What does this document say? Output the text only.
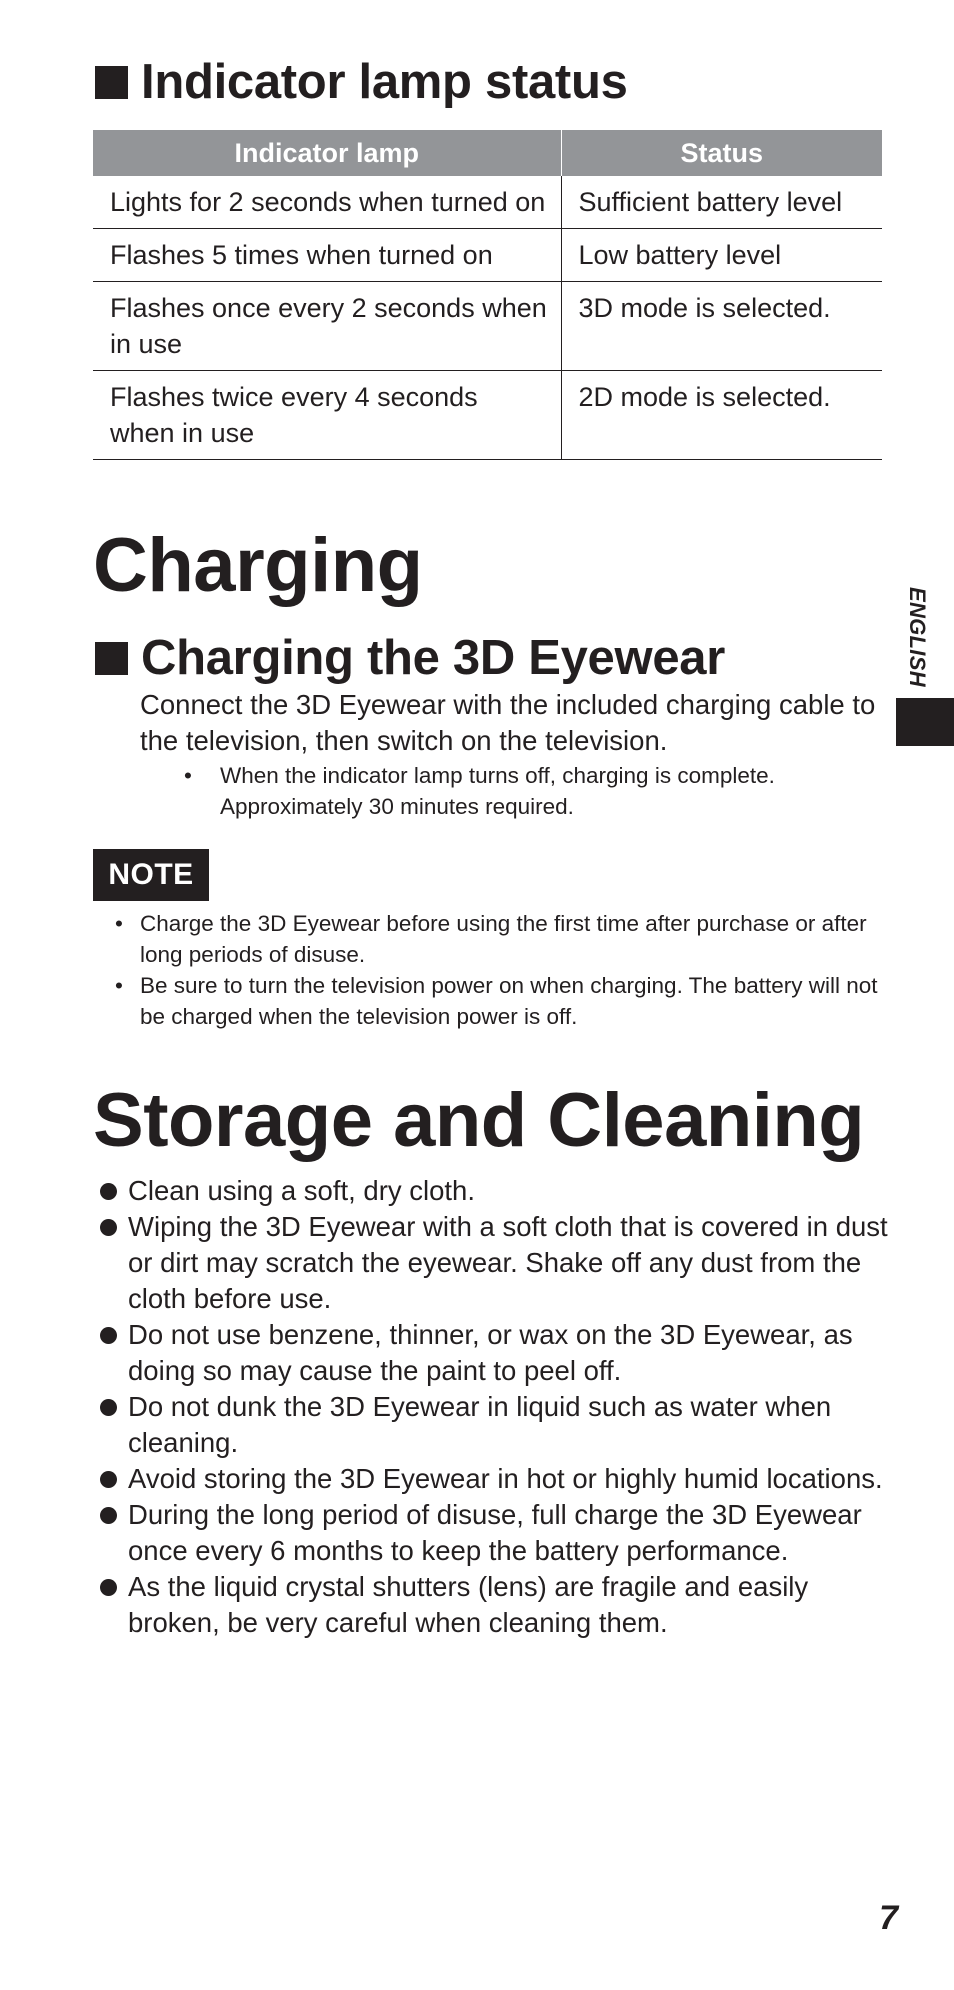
Indicator lamp status
Indicator lamp	Status
Lights for 2 seconds when turned on	Sufficient battery level
Flashes 5 times when turned on	Low battery level
Flashes once every 2 seconds when in use	3D mode is selected.
Flashes twice every 4 seconds when in use	2D mode is selected.
Charging
Charging the 3D Eyewear

Connect the 3D Eyewear with the included charging cable to the television, then switch on the television.

•	When the indicator lamp turns off, charging is complete.

Approximately 30 minutes required.

NOTE
• Charge the 3D Eyewear before using the first time after purchase or after long periods of disuse.
• Be sure to turn the television power on when charging. The battery will not be charged when the television power is off.
Storage and Cleaning
Clean using a soft, dry cloth.
Wiping the 3D Eyewear with a soft cloth that is covered in dust or dirt may scratch the eyewear. Shake off any dust from the cloth before use.
Do not use benzene, thinner, or wax on the 3D Eyewear, as doing so may cause the paint to peel off.
Do not dunk the 3D Eyewear in liquid such as water when cleaning.
Avoid storing the 3D Eyewear in hot or highly humid locations.
During the long period of disuse, full charge the 3D Eyewear once every 6 months to keep the battery performance.
As the liquid crystal shutters (lens) are fragile and easily broken, be very careful when cleaning them.
ENGLISH

7
